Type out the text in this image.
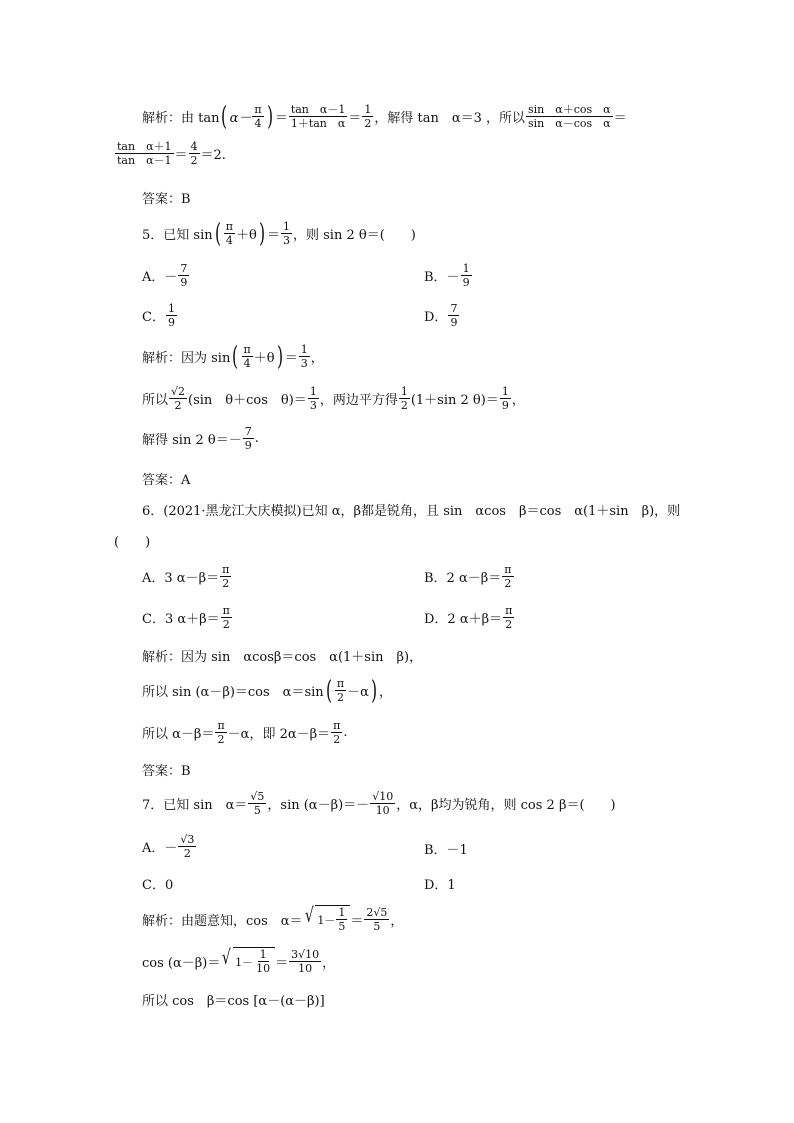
解析：由 tan ( $\alpha- \frac{\pi}{4}$ ) ＝ $\frac{\text{tan　α－1}}{\text{1＋tan　α}} = \frac{1}{2}$ ，解得 tan　α＝3 ，所以 $\frac{\text{sin　α＋cos　α}}{\text{sin　α－cos　α}}$ ＝
$\frac{\text{tan　α＋1}}{\text{tan　α－1}} = \frac{4}{2} =2$.
答案：B
5．已知 sin ( $\frac{\pi}{4} +\theta$ ) ＝ $\frac{1}{3}$ ，则 sin 2 θ＝(　　)
A．－ $\frac{7}{9}$	B．－ $\frac{1}{9}$
C． $\frac{1}{9}$	D． $\frac{7}{9}$
解析：因为 sin ( $\frac{\pi}{4} +\theta$ ) ＝ $\frac{1}{3}$ ，
所以 $\frac{√2}{2} (\sin$　θ＋cos　$\theta)= \frac{1}{3}$ ，两边平方得 $\frac{1}{2} (1+\sin$ 2 $\theta)= \frac{1}{9}$ ，
解得 sin 2 $\theta=- \frac{7}{9}$ .
答案：A
6．(2021·黑龙江大庆模拟)已知 α，β都是锐角，且 sin　αcos　β＝cos　α(1＋sin　β)，则
(　　)
A．3 $\alpha-\beta= \frac{\pi}{2}$	B．2 $\alpha-\beta= \frac{\pi}{2}$
C．3 $\alpha+\beta= \frac{\pi}{2}$	D．2 $\alpha+\beta= \frac{\pi}{2}$
解析：因为 sin　αcosβ＝cos　α(1＋sin　β)，
所以 sin (α－β)＝cos　α＝sin ( $\frac{\pi}{2} -\alpha$ ) ，
所以 $\alpha-\beta= \frac{\pi}{2} -\alpha$，即 $2\alpha-\beta= \frac{\pi}{2}$ .
答案：B
7．已知 sin　$\alpha= \frac{√5}{5}$ ，$\sin (\alpha-\beta)=- \frac{√10}{10}$ ，α，β均为锐角，则 cos 2 β＝(　　)
A．－ $\frac{√3}{2}$	B．－1
C．0	D．1
解析：由题意知，cos　α＝ √ $1- \frac{1}{5} = \frac{2√5}{5}$ ，
cos (α－β)＝ √ $1- \frac{1}{10} = \frac{3√10}{10}$ ，
所以 cos　β＝cos [α－(α－β)]
